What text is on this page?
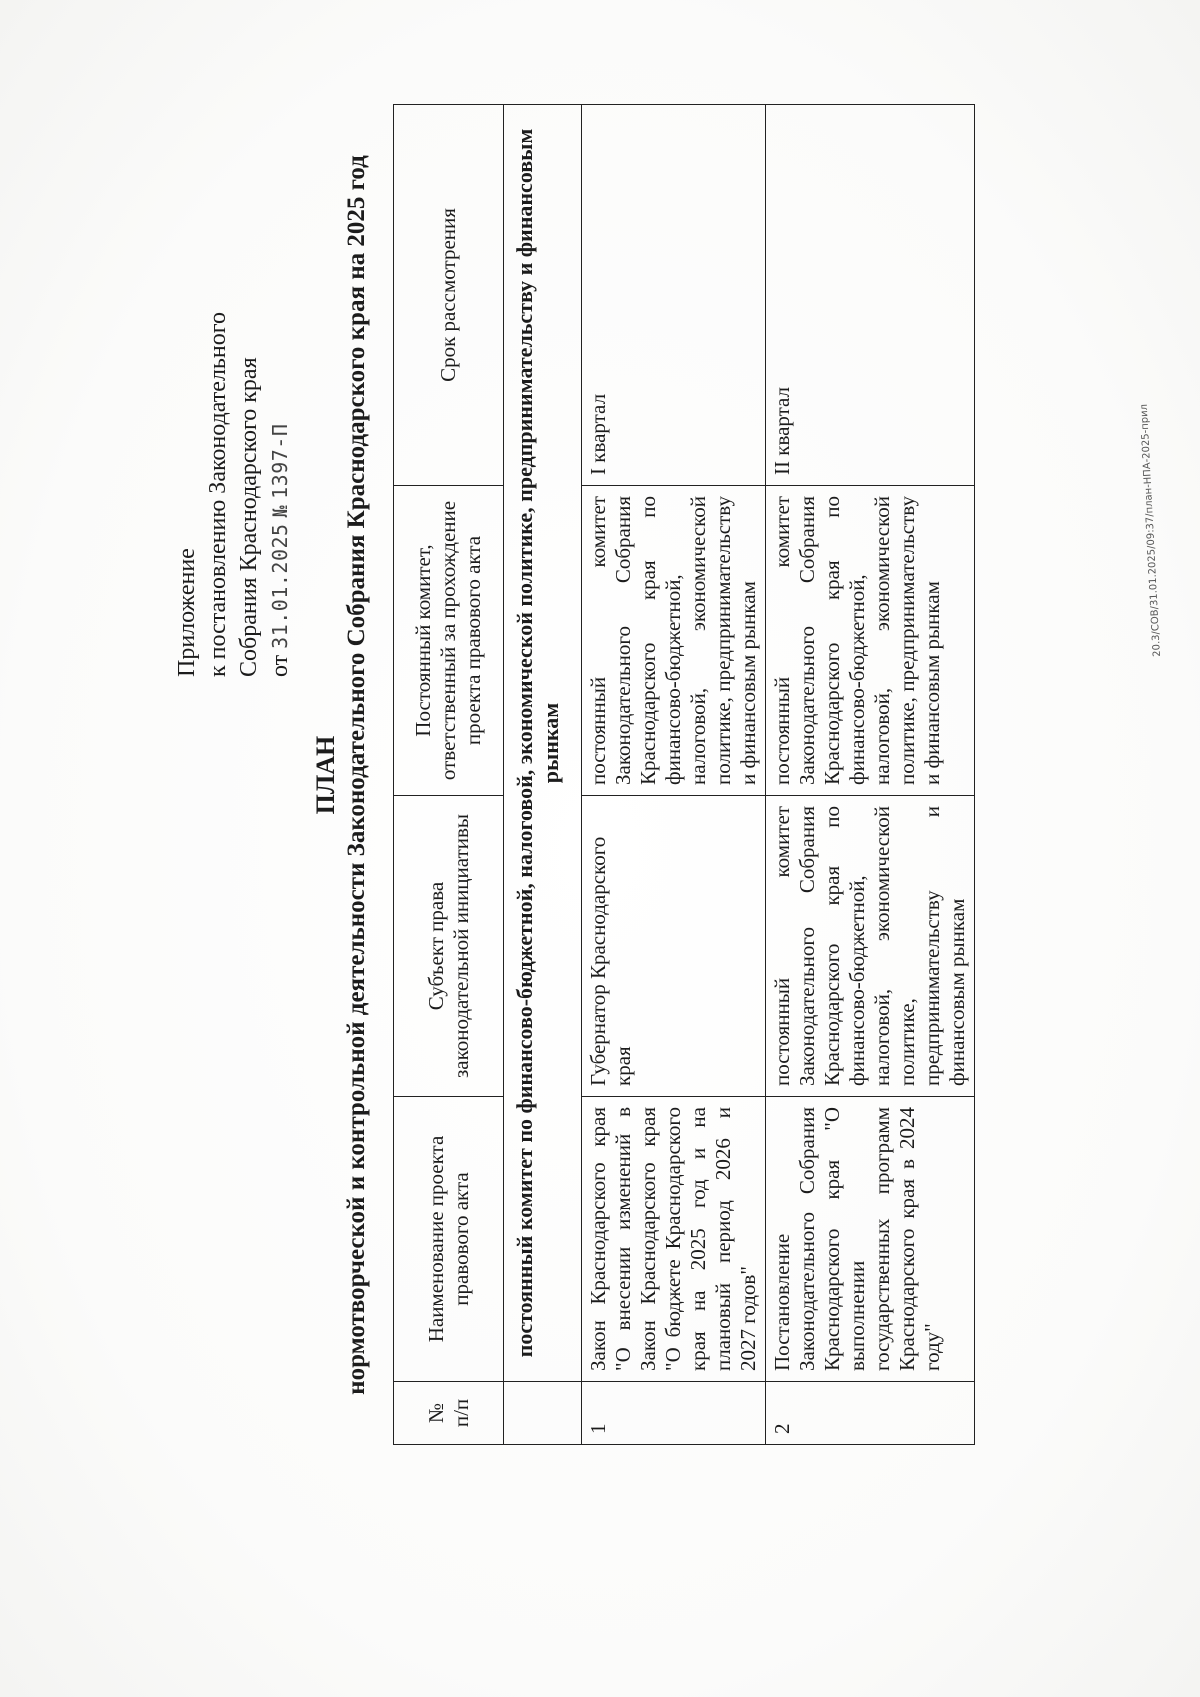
Приложение к постановлению Законодательного Собрания Краснодарского края от 31.01.2025 № 1397-П
ПЛАН нормотворческой и контрольной деятельности Законодательного Собрания Краснодарского края на 2025 год
№ п/п	Наименование проекта правового акта	Субъект права законодательной инициативы	Постоянный комитет, ответственный за прохождение проекта правового акта	Срок рассмотрения
	постоянный комитет по финансово-бюджетной, налоговой, экономической политике, предпринимательству и финансовым рынкам			
1	Закон Краснодарского края "О внесении изменений в Закон Краснодарского края "О бюджете Краснодарского края на 2025 год и на плановый период 2026 и 2027 годов"	Губернатор Краснодарского края	постоянный комитет Законодательного Собрания Краснодарского края по финансово-бюджетной, налоговой, экономической политике, предпринимательству и финансовым рынкам	I квартал
2	Постановление Законодательного Собрания Краснодарского края "О выполнении государственных программ Краснодарского края в 2024 году"	постоянный комитет Законодательного Собрания Краснодарского края по финансово-бюджетной, налоговой, экономической политике, предпринимательству и финансовым рынкам	постоянный комитет Законодательного Собрания Краснодарского края по финансово-бюджетной, налоговой, экономической политике, предпринимательству и финансовым рынкам	II квартал	20.3/СОВ/31.01.2025/09:37/план-НПА-2025-прил
